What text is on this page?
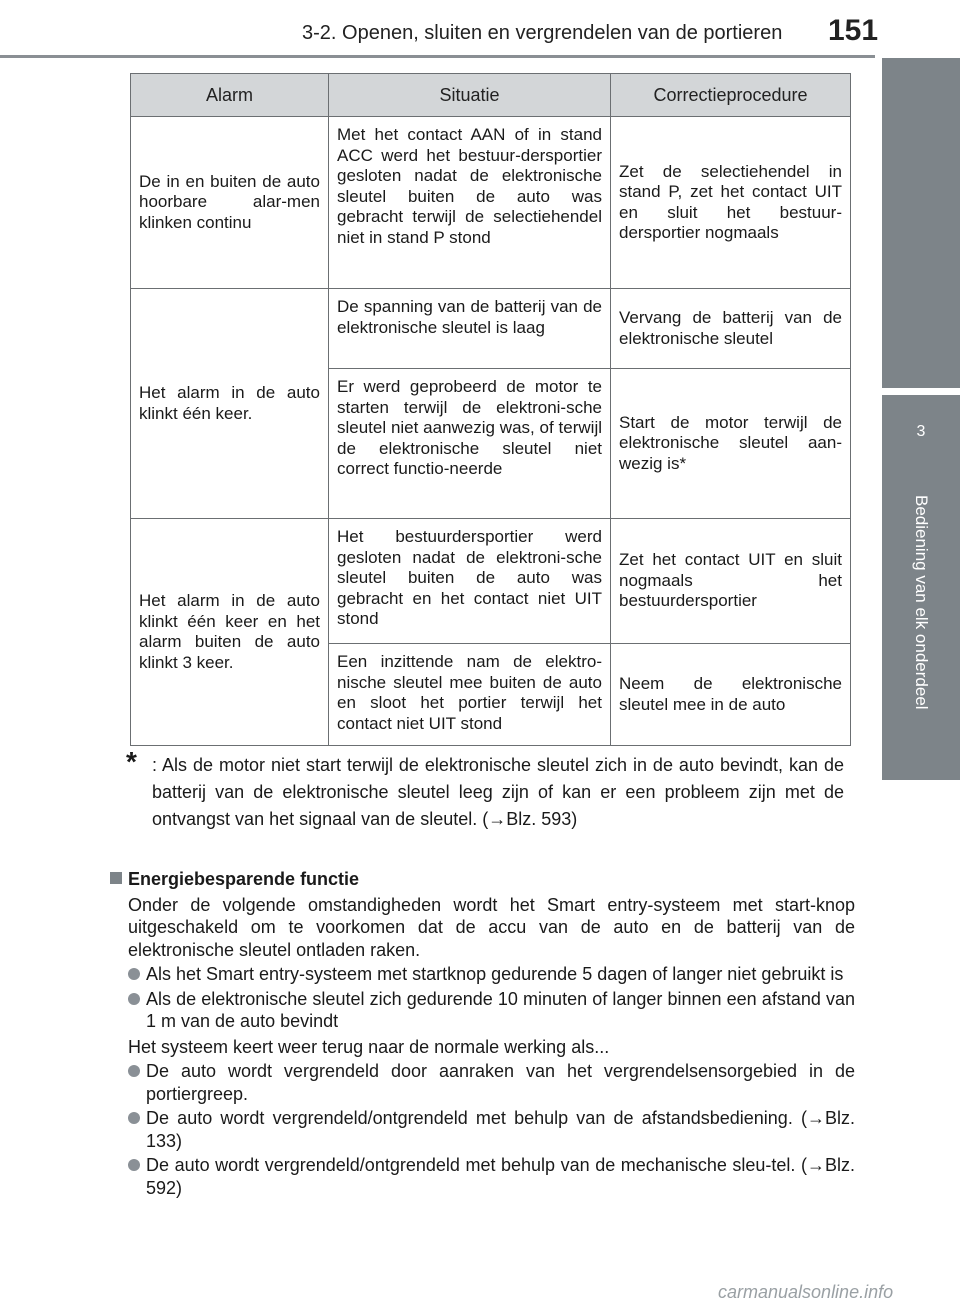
3-2. Openen, sluiten en vergrendelen van de portieren 151
3
Bediening van elk onderdeel
Alarm	Situatie	Correctieprocedure
De in en buiten de auto hoorbare alar-men klinken continu	Met het contact AAN of in stand ACC werd het bestuur-dersportier gesloten nadat de elektronische sleutel buiten de auto was gebracht terwijl de selectiehendel niet in stand P stond	Zet de selectiehendel in stand P, zet het contact UIT en sluit het bestuur-dersportier nogmaals
Het alarm in de auto klinkt één keer.	De spanning van de batterij van de elektronische sleutel is laag	Vervang de batterij van de elektronische sleutel
	Er werd geprobeerd de motor te starten terwijl de elektroni-sche sleutel niet aanwezig was, of terwijl de elektronische sleutel niet correct functio-neerde	Start de motor terwijl de elektronische sleutel aan-wezig is*
Het alarm in de auto klinkt één keer en het alarm buiten de auto klinkt 3 keer.	Het bestuurdersportier werd gesloten nadat de elektroni-sche sleutel buiten de auto was gebracht en het contact niet UIT stond	Zet het contact UIT en sluit nogmaals het bestuurdersportier
	Een inzittende nam de elektro-nische sleutel mee buiten de auto en sloot het portier terwijl het contact niet UIT stond	Neem de elektronische sleutel mee in de auto
* : Als de motor niet start terwijl de elektronische sleutel zich in de auto bevindt, kan de batterij van de elektronische sleutel leeg zijn of kan er een probleem zijn met de ontvangst van het signaal van de sleutel. (→Blz. 593)
Energiebesparende functie
Onder de volgende omstandigheden wordt het Smart entry-systeem met start-knop uitgeschakeld om te voorkomen dat de accu van de auto en de batterij van de elektronische sleutel ontladen raken.
Als het Smart entry-systeem met startknop gedurende 5 dagen of langer niet gebruikt is
Als de elektronische sleutel zich gedurende 10 minuten of langer binnen een afstand van 1 m van de auto bevindt
Het systeem keert weer terug naar de normale werking als...
De auto wordt vergrendeld door aanraken van het vergrendelsensorgebied in de portiergreep.
De auto wordt vergrendeld/ontgrendeld met behulp van de afstandsbediening. (→Blz. 133)
De auto wordt vergrendeld/ontgrendeld met behulp van de mechanische sleu-tel. (→Blz. 592)
carmanualsonline.info
